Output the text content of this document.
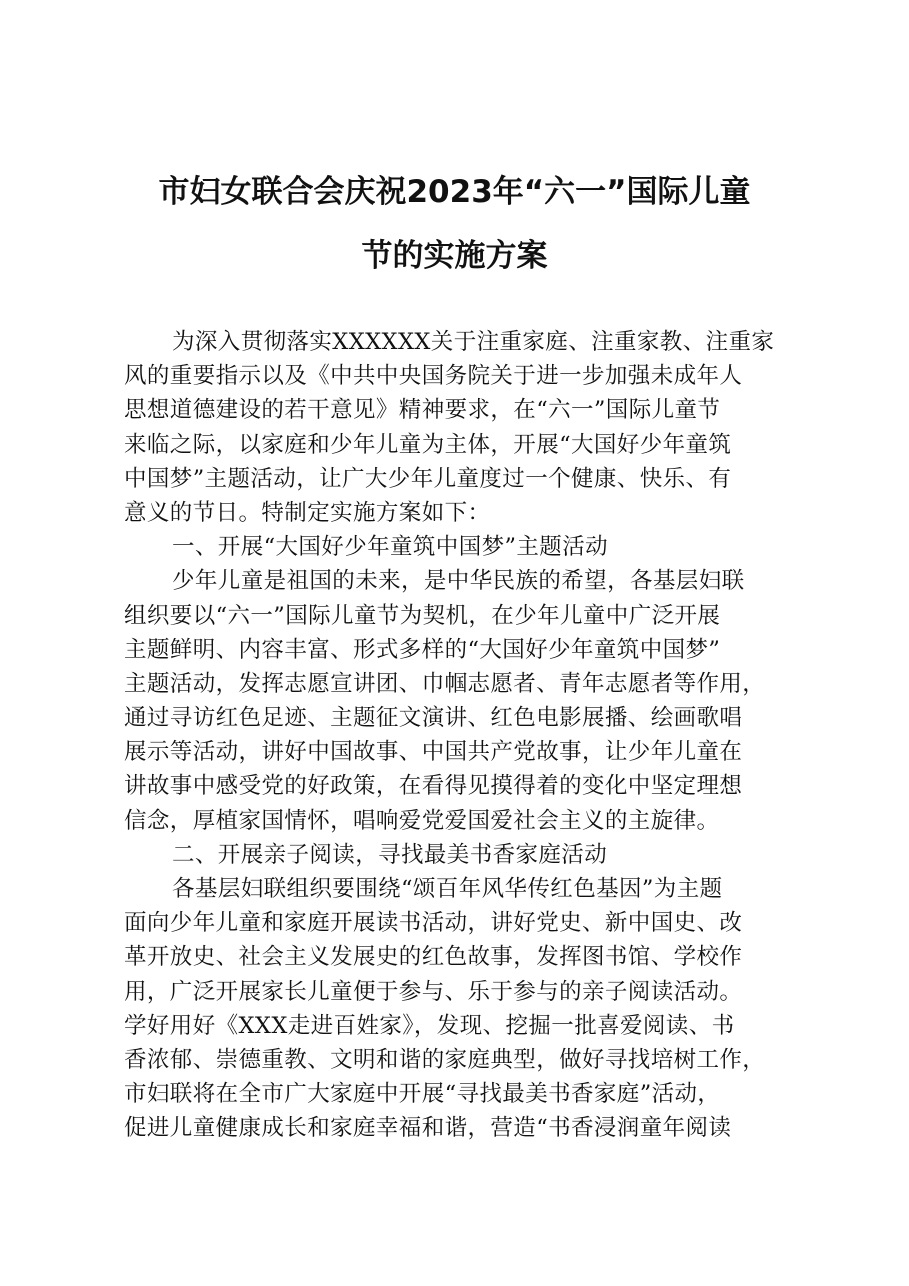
市妇女联合会庆祝2023年“六一”国际儿童
节的实施方案
为深入贯彻落实XXXXXX关于注重家庭、注重家教、注重家
风的重要指示以及《中共中央国务院关于进一步加强未成年人
思想道德建设的若干意见》精神要求，在“六一”国际儿童节
来临之际，以家庭和少年儿童为主体，开展“大国好少年童筑
中国梦”主题活动，让广大少年儿童度过一个健康、快乐、有
意义的节日。特制定实施方案如下：
一、开展“大国好少年童筑中国梦”主题活动
少年儿童是祖国的未来，是中华民族的希望，各基层妇联
组织要以“六一”国际儿童节为契机，在少年儿童中广泛开展
主题鲜明、内容丰富、形式多样的“大国好少年童筑中国梦”
主题活动，发挥志愿宣讲团、巾帼志愿者、青年志愿者等作用，
通过寻访红色足迹、主题征文演讲、红色电影展播、绘画歌唱
展示等活动，讲好中国故事、中国共产党故事，让少年儿童在
讲故事中感受党的好政策，在看得见摸得着的变化中坚定理想
信念，厚植家国情怀，唱响爱党爱国爱社会主义的主旋律。
二、开展亲子阅读，寻找最美书香家庭活动
各基层妇联组织要围绕“颂百年风华传红色基因”为主题
面向少年儿童和家庭开展读书活动，讲好党史、新中国史、改
革开放史、社会主义发展史的红色故事，发挥图书馆、学校作
用，广泛开展家长儿童便于参与、乐于参与的亲子阅读活动。
学好用好《XXX走进百姓家》，发现、挖掘一批喜爱阅读、书
香浓郁、崇德重教、文明和谐的家庭典型，做好寻找培树工作，
市妇联将在全市广大家庭中开展“寻找最美书香家庭”活动，
促进儿童健康成长和家庭幸福和谐，营造“书香浸润童年阅读
